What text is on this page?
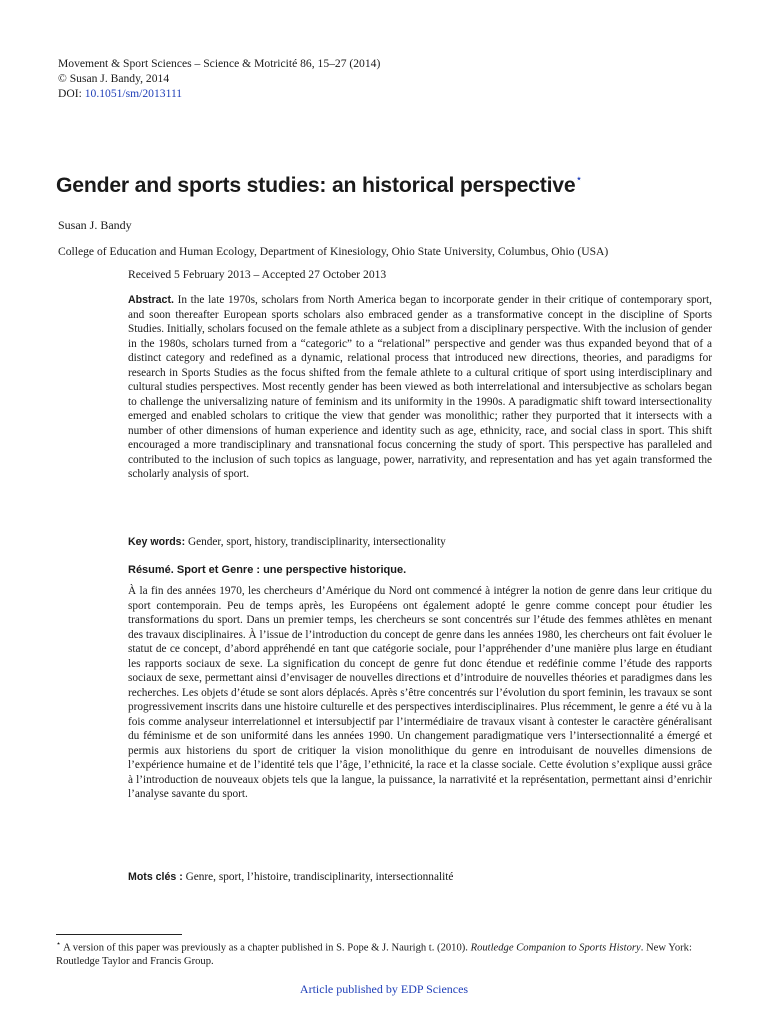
Movement & Sport Sciences – Science & Motricité 86, 15–27 (2014)
© Susan J. Bandy, 2014
DOI: 10.1051/sm/2013111
Gender and sports studies: an historical perspective⋆
Susan J. Bandy
College of Education and Human Ecology, Department of Kinesiology, Ohio State University, Columbus, Ohio (USA)
Received 5 February 2013 – Accepted 27 October 2013
Abstract. In the late 1970s, scholars from North America began to incorporate gender in their critique of contemporary sport, and soon thereafter European sports scholars also embraced gender as a transformative concept in the discipline of Sports Studies. Initially, scholars focused on the female athlete as a subject from a disciplinary perspective. With the inclusion of gender in the 1980s, scholars turned from a “categoric” to a “relational” perspective and gender was thus expanded beyond that of a distinct category and redefined as a dynamic, relational process that introduced new directions, theories, and paradigms for research in Sports Studies as the focus shifted from the female athlete to a cultural critique of sport using interdisciplinary and cultural studies perspectives. Most recently gender has been viewed as both interrelational and intersubjective as scholars began to challenge the universalizing nature of feminism and its uniformity in the 1990s. A paradigmatic shift toward intersectionality emerged and enabled scholars to critique the view that gender was monolithic; rather they purported that it intersects with a number of other dimensions of human experience and identity such as age, ethnicity, race, and social class in sport. This shift encouraged a more trandisciplinary and transnational focus concerning the study of sport. This perspective has paralleled and contributed to the inclusion of such topics as language, power, narrativity, and representation and has yet again transformed the scholarly analysis of sport.
Key words: Gender, sport, history, trandisciplinarity, intersectionality
Résumé. Sport et Genre : une perspective historique.
À la fin des années 1970, les chercheurs d’Amérique du Nord ont commencé à intégrer la notion de genre dans leur critique du sport contemporain. Peu de temps après, les Européens ont également adopté le genre comme concept pour étudier les transformations du sport. Dans un premier temps, les chercheurs se sont concentrés sur l’étude des femmes athlètes en menant des travaux disciplinaires. À l’issue de l’introduction du concept de genre dans les années 1980, les chercheurs ont fait évoluer le statut de ce concept, d’abord appréhendé en tant que catégorie sociale, pour l’appréhender d’une manière plus large en étudiant les rapports sociaux de sexe. La signification du concept de genre fut donc étendue et redéfinie comme l’étude des rapports sociaux de sexe, permettant ainsi d’envisager de nouvelles directions et d’introduire de nouvelles théories et paradigmes dans les recherches. Les objets d’étude se sont alors déplacés. Après s’être concentrés sur l’évolution du sport feminin, les travaux se sont progressivement inscrits dans une histoire culturelle et des perspectives interdisciplinaires. Plus récemment, le genre a été vu à la fois comme analyseur interrelationnel et intersubjectif par l’intermédiaire de travaux visant à contester le caractère généralisant du féminisme et de son uniformité dans les années 1990. Un changement paradigmatique vers l’intersectionnalité a émergé et permis aux historiens du sport de critiquer la vision monolithique du genre en introduisant de nouvelles dimensions de l’expérience humaine et de l’identité tels que l’âge, l’ethnicité, la race et la classe sociale. Cette évolution s’explique aussi grâce à l’introduction de nouveaux objets tels que la langue, la puissance, la narrativité et la représentation, permettant ainsi d’enrichir l’analyse savante du sport.
Mots clés : Genre, sport, l’histoire, trandisciplinarity, intersectionnalité
⋆ A version of this paper was previously as a chapter published in S. Pope & J. Naurigh t. (2010). Routledge Companion to Sports History. New York: Routledge Taylor and Francis Group.
Article published by EDP Sciences
